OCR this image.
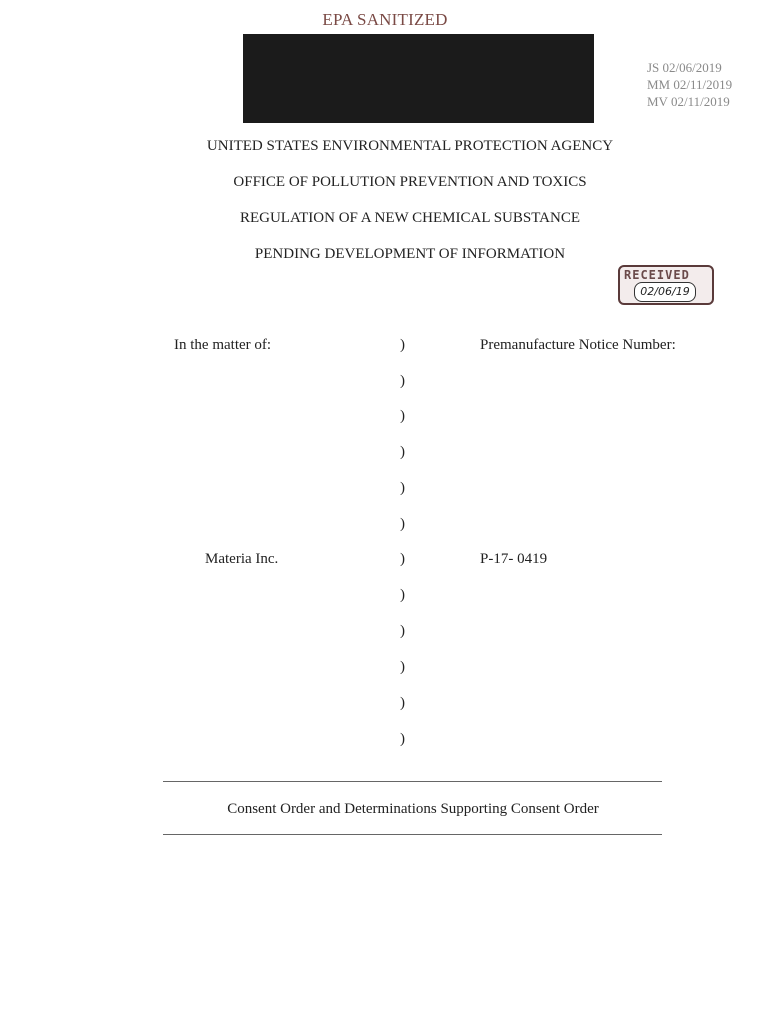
EPA SANITIZED
JS 02/06/2019
MM 02/11/2019
MV 02/11/2019
UNITED STATES ENVIRONMENTAL PROTECTION AGENCY
OFFICE OF POLLUTION PREVENTION AND TOXICS
REGULATION OF A NEW CHEMICAL SUBSTANCE
PENDING DEVELOPMENT OF INFORMATION
RECEIVED
02/06/19
In the matter of:	Premanufacture Notice Number:
Materia Inc.	P-17- 0419
)
)
)
)
)
)
)
)
)
)
)
)
Consent Order and Determinations Supporting Consent Order
